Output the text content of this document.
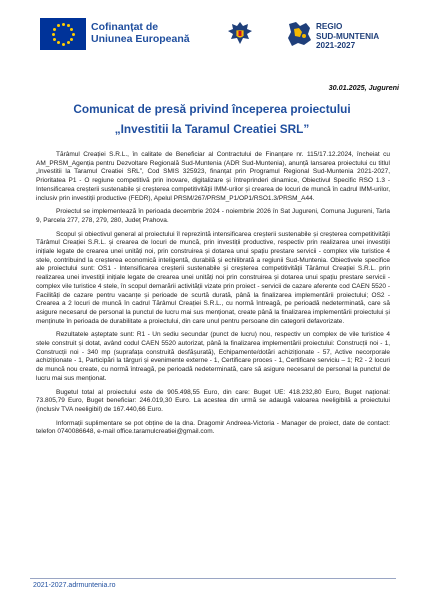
Cofinanțat de
Uniunea Europeană
REGIO
SUD-MUNTENIA
2021-2027
30.01.2025, Jugureni
Comunicat de presă privind începerea proiectului
„Investitii la Taramul Creatiei SRL”

Tărâmul Creației S.R.L., în calitate de Beneficiar al Contractului de Finanțare nr. 115/17.12.2024, încheiat cu AM_PRSM_Agenția pentru Dezvoltare Regională Sud-Muntenia (ADR Sud-Muntenia), anunță lansarea proiectului cu titlul „Investitii la Taramul Creatiei SRL”, Cod SMIS 325923, finanțat prin Programul Regional Sud-Muntenia 2021-2027, Prioritatea P1 - O regiune competitivă prin inovare, digitalizare și întreprinderi dinamice, Obiectivul Specific RSO 1.3 - Intensificarea creșterii sustenabile și creșterea competitivității IMM-urilor și crearea de locuri de muncă în cadrul IMM-urilor, inclusiv prin investiții productive (FEDR), Apelul PRSM/267/PRSM_P1/OP1/RSO1.3/PRSM_A44.

Proiectul se implementează în perioada decembrie 2024 - noiembrie 2026 în Sat Jugureni, Comuna Jugureni, Tarla 9, Parcela 277, 278, 279, 280, Județ Prahova.

Scopul și obiectivul general al proiectului îl reprezintă intensificarea creșterii sustenabile și creșterea competitivității Tărâmul Creației S.R.L. și crearea de locuri de muncă, prin investiții productive, respectiv prin realizarea unei investiții inițiale legate de crearea unei unități noi, prin construirea și dotarea unui spațiu prestare servicii - complex vile turistice 4 stele, contribuind la creșterea economică inteligentă, durabilă și echilibrată a regiunii Sud-Muntenia. Obiectivele specifice ale proiectului sunt: OS1 - Intensificarea creșterii sustenabile și creșterea competitivității Tărâmul Creației S.R.L. prin realizarea unei investiții inițiale legate de crearea unei unități noi prin construirea și dotarea unui spațiu prestare servicii - complex vile turistice 4 stele, în scopul demarării activității vizate prin proiect - servicii de cazare aferente cod CAEN 5520 - Facilități de cazare pentru vacanțe și perioade de scurtă durată, până la finalizarea implementării proiectului; OS2 - Crearea a 2 locuri de muncă în cadrul Tărâmul Creației S.R.L., cu normă întreagă, pe perioadă nedeterminată, care să asigure necesarul de personal la punctul de lucru mai sus menționat, create până la finalizarea implementării proiectului și menținute în perioada de durabilitate a proiectului, din care unul pentru persoane din categorii defavorizate.

Rezultatele așteptate sunt: R1 - Un sediu secundar (punct de lucru) nou, respectiv un complex de vile turistice 4 stele construit și dotat, având codul CAEN 5520 autorizat, până la finalizarea implementării proiectului: Construcții noi - 1, Construcții noi - 340 mp (suprafața construită desfășurată), Echipamente/dotări achiziționate - 57, Active necorporale achiziționate - 1, Participări la târguri și evenimente externe - 1, Certificare proces - 1, Certificare serviciu – 1; R2 - 2 locuri de muncă nou create, cu normă întreagă, pe perioadă nedeterminată, care să asigure necesarul de personal la punctul de lucru mai sus menționat.

Bugetul total al proiectului este de 905.498,55 Euro, din care: Buget UE: 418.232,80 Euro, Buget național: 73.805,79 Euro, Buget beneficiar: 246.019,30 Euro. La acestea din urmă se adaugă valoarea neeligibilă a proiectului (inclusiv TVA neeligibil) de 167.440,66 Euro.

Informații suplimentare se pot obține de la dna. Dragomir Andreea-Victoria - Manager de proiect, date de contact: telefon 0740086648, e-mail office.taramulcreatiei@gmail.com.

2021-2027.adrmuntenia.ro
